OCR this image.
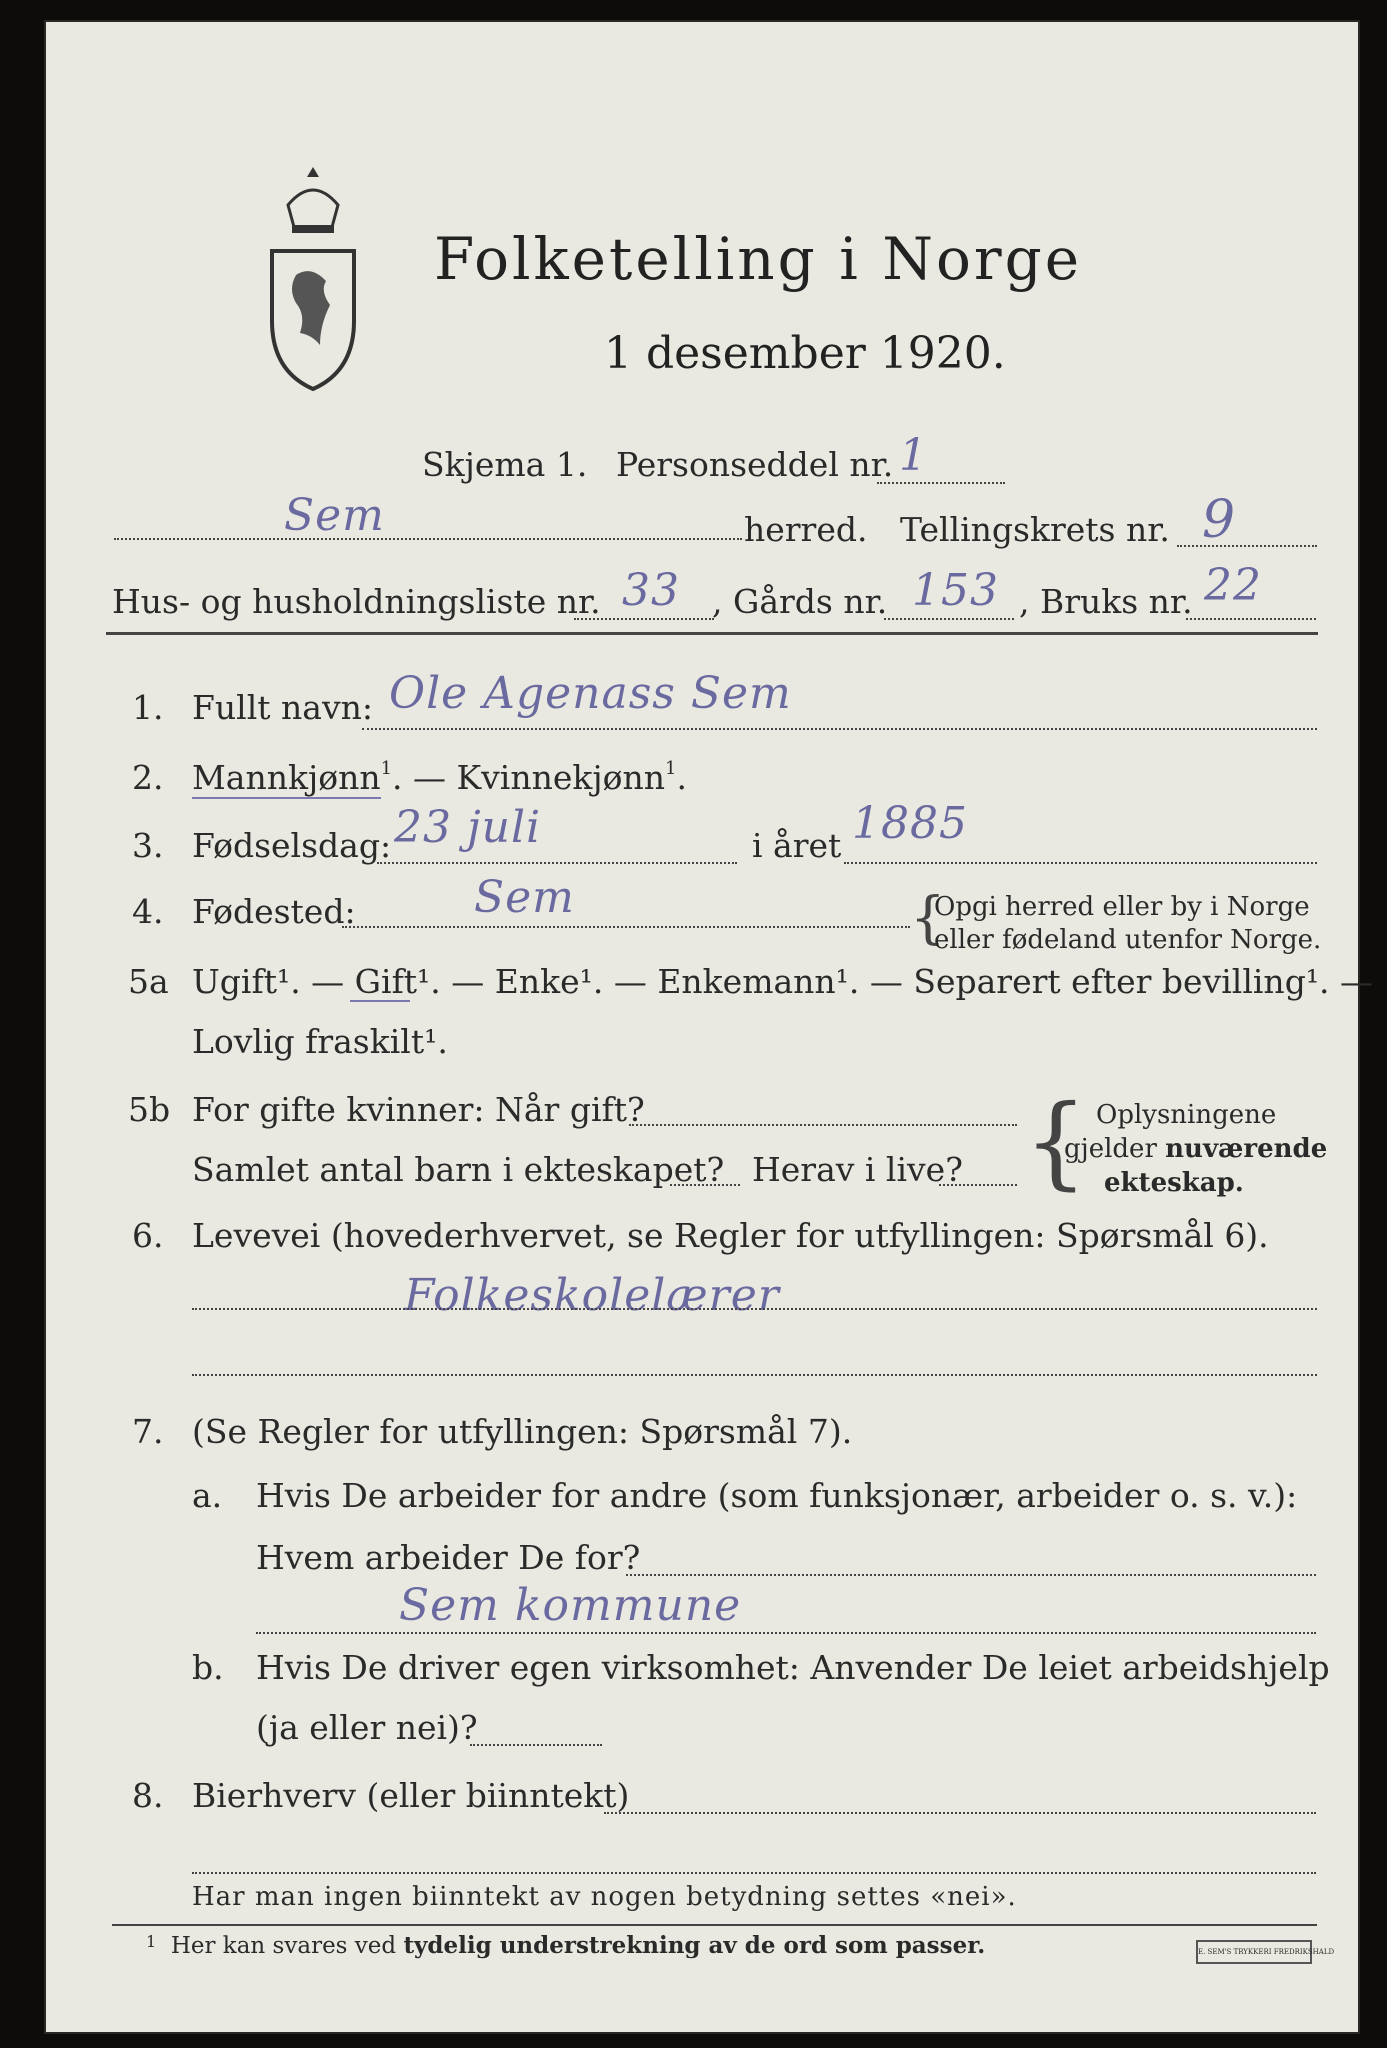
Folketelling i Norge
1 desember 1920.
Skjema 1. Personseddel nr. 1
Sem	herred. Tellingskrets nr. 9
Hus- og husholdningsliste nr. 33 , Gårds nr. 153 , Bruks nr. 22
1. Fullt navn: Ole Agenass Sem
2. Mannkjønn$^1$. — Kvinnekjønn$^1$.
3. Fødselsdag: 23 juli	i året 1885
4. Fødested:	Sem	{
Opgi herred eller by i Norge
eller fødeland utenfor Norge.
5a Ugift¹. — Gift¹. — Enke¹. — Enkemann¹. — Separert efter bevilling¹. —
Lovlig fraskilt¹.
5b For gifte kvinner: Når gift?
Samlet antal barn i ekteskapet? Herav i live? { Oplysningene
gjelder nuværende
ekteskap.
6. Levevei (hovederhvervet, se Regler for utfyllingen: Spørsmål 6).
Folkeskolelærer
7. (Se Regler for utfyllingen: Spørsmål 7).
a. Hvis De arbeider for andre (som funksjonær, arbeider o. s. v.):
Hvem arbeider De for?
Sem kommune
b. Hvis De driver egen virksomhet: Anvender De leiet arbeidshjelp
(ja eller nei)?
8. Bierhverv (eller biinntekt)
Har man ingen biinntekt av nogen betydning settes «nei».
$^1$ Her kan svares ved tydelig understrekning av de ord som passer.	E. SEM'S TRYKKERI FREDRIKSHALD
